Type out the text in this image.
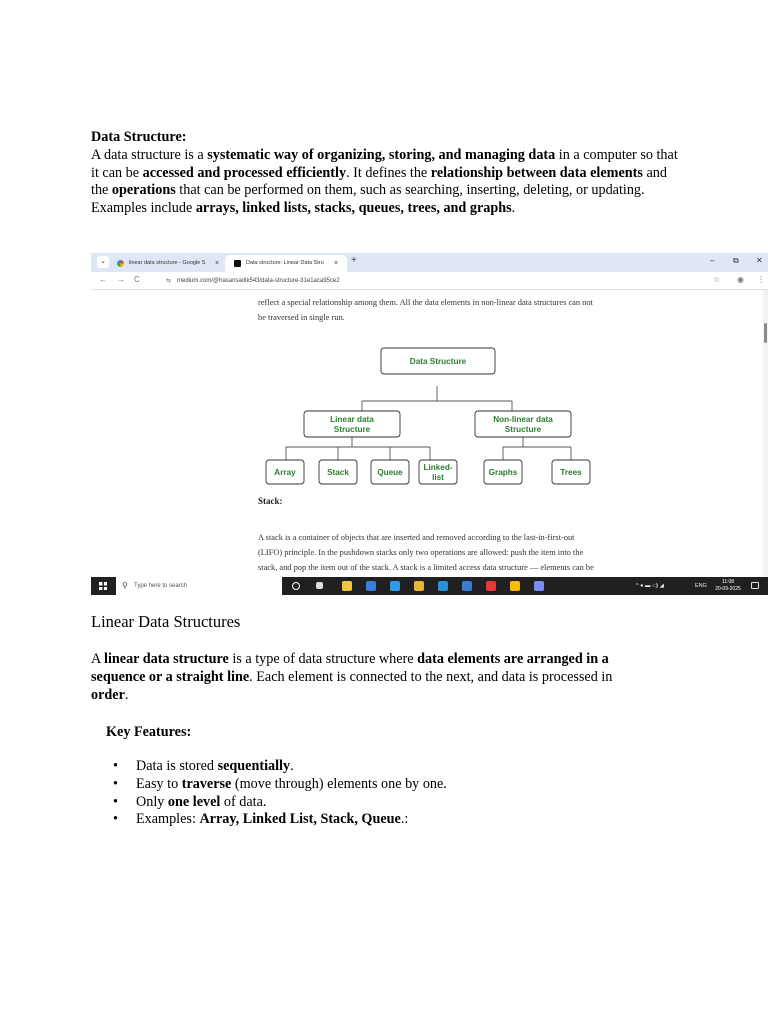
Data Structure:
A data structure is a systematic way of organizing, storing, and managing data in a computer so that it can be accessed and processed efficiently. It defines the relationship between data elements and the operations that can be performed on them, such as searching, inserting, deleting, or updating.
Examples include arrays, linked lists, stacks, queues, trees, and graphs.
⌄	linear data structure - Google S ×	Data structure: Linear Data Stru × +	– ⧉ ✕
← → C	⇆ medium.com/@hasansadik543/data-structure-31e1aca95ce2	☆ ◉ ⋮
reflect a special relationship among them. All the data elements in non-linear data structures can not be traversed in single run.
Data Structure
Linear data
Structure
Non-linear data
Structure
Array	Stack	Queue
Linked-
list
Graphs	Trees
Stack:
A stack is a container of objects that are inserted and removed according to the last-in-first-out (LIFO) principle. In the pushdown stacks only two operations are allowed: push the item into the stack, and pop the item out of the stack. A stack is a limited access data structure — elements can be
⚲ Type here to search	^ ● ▬ ◁) ◢	ENG
11:08
20-09-2025
Linear Data Structures
A linear data structure is a type of data structure where data elements are arranged in a sequence or a straight line. Each element is connected to the next, and data is processed in order.
Key Features:
• Data is stored sequentially.
• Easy to traverse (move through) elements one by one.
• Only one level of data.
• Examples: Array, Linked List, Stack, Queue.:
